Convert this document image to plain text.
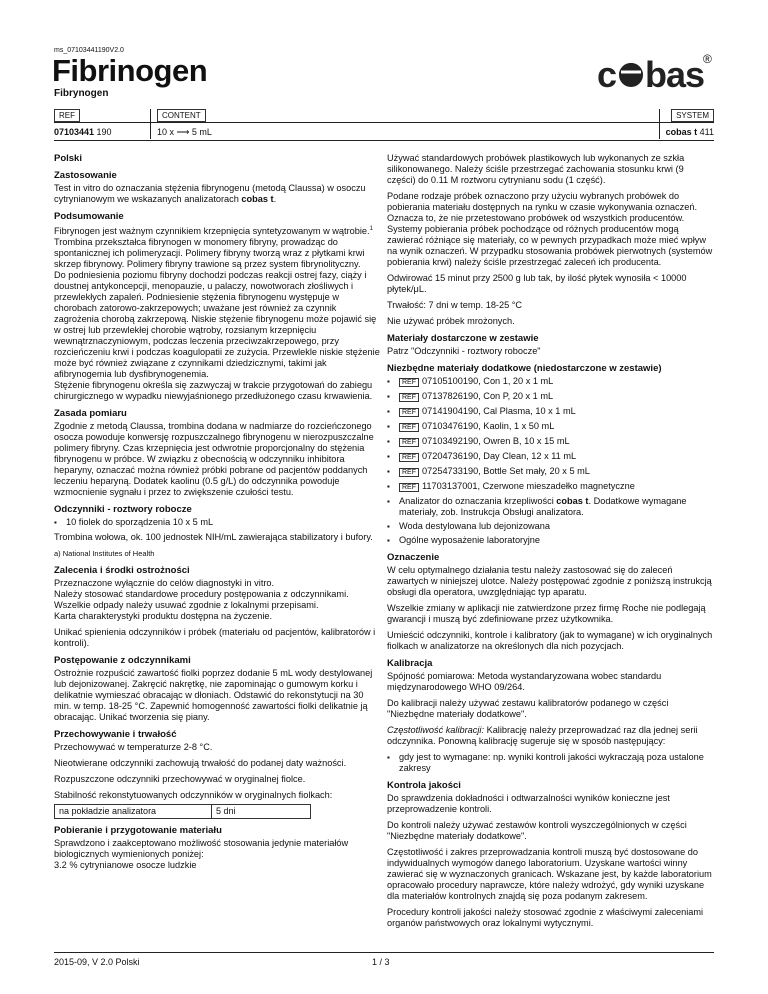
ms_07103441190V2.0
Fibrinogen
Fibrynogen	c bas
®
REF	CONTENT	SYSTEM
07103441 190	10 x ⟶ 5 mL	cobas t 411
Polski
Zastosowanie

Test in vitro do oznaczania stężenia fibrynogenu (metodą Claussa) w osoczu cytrynianowym we wskazanych analizatorach cobas t.

Podsumowanie

Fibrynogen jest ważnym czynnikiem krzepnięcia syntetyzowanym w wątrobie.$^1$

Trombina przekształca fibrynogen w monomery fibryny, prowadząc do spontanicznej ich polimeryzacji. Polimery fibryny tworzą wraz z płytkami krwi skrzep fibrynowy. Polimery fibryny trawione są przez system fibrynolityczny.

Do podniesienia poziomu fibryny dochodzi podczas reakcji ostrej fazy, ciąży i doustnej antykoncepcji, menopauzie, u palaczy, nowotworach złośliwych i przewlekłych zapaleń. Podniesienie stężenia fibrynogenu występuje w chorobach zatorowo-zakrzepowych; uważane jest również za czynnik zagrożenia chorobą zakrzepową. Niskie stężenie fibrynogenu może pojawić się w ostrej lub przewlekłej chorobie wątroby, rozsianym krzepnięciu wewnątrznaczyniowym, podczas leczenia przeciwzakrzepowego, przy rozcieńczeniu krwi i podczas koagulopatii ze zużycia. Przewlekle niskie stężenie może być również związane z czynnikami dziedzicznymi, takimi jak afibrynogemia lub dysfibrynogenemia.

Stężenie fibrynogenu określa się zazwyczaj w trakcie przygotowań do zabiegu chirurgicznego w wypadku niewyjaśnionego przedłużonego czasu krwawienia.

Zasada pomiaru

Zgodnie z metodą Claussa, trombina dodana w nadmiarze do rozcieńczonego osocza powoduje konwersję rozpuszczalnego fibrynogenu w nierozpuszczalne polimery fibryny. Czas krzepnięcia jest odwrotnie proporcjonalny do stężenia fibrynogenu w próbce. W związku z obecnością w odczynniku inhibitora heparyny, oznaczać można również próbki pobrane od pacjentów poddanych leczeniu heparyną. Dodatek kaolinu (0.5 g/L) do odczynnika powoduje wzmocnienie sygnału i przez to zwiększenie czułości testu.

Odczynniki - roztwory robocze
▪ 10 fiolek do sporządzenia 10 x 5 mL

Trombina wołowa, ok. 100 jednostek NIH/mL zawierająca stabilizatory i bufory.

a) National Institutes of Health

Zalecenia i środki ostrożności

Przeznaczone wyłącznie do celów diagnostyki in vitro.

Należy stosować standardowe procedury postępowania z odczynnikami.

Wszelkie odpady należy usuwać zgodnie z lokalnymi przepisami.

Karta charakterystyki produktu dostępna na życzenie.

Unikać spienienia odczynników i próbek (materiału od pacjentów, kalibratorów i kontroli).

Postępowanie z odczynnikami

Ostrożnie rozpuścić zawartość fiolki poprzez dodanie 5 mL wody destylowanej lub dejonizowanej. Zakręcić nakrętkę, nie zapominając o gumowym korku i delikatnie wymieszać obracając w dłoniach. Odstawić do rekonstytucji na 30 min. w temp. 18-25 °C. Zapewnić homogenność zawartości fiolki delikatnie ją obracając. Unikać tworzenia się piany.

Przechowywanie i trwałość

Przechowywać w temperaturze 2-8 °C.

Nieotwierane odczynniki zachowują trwałość do podanej daty ważności.

Rozpuszczone odczynniki przechowywać w oryginalnej fiolce.

Stabilność rekonstytuowanych odczynników w oryginalnych fiolkach:

na pokładzie analizatora	5 dni
Pobieranie i przygotowanie materiału

Sprawdzono i zaakceptowano możliwość stosowania jedynie materiałów biologicznych wymienionych poniżej:

3.2 % cytrynianowe osocze ludzkie

Używać standardowych probówek plastikowych lub wykonanych ze szkła silikonowanego. Należy ściśle przestrzegać zachowania stosunku krwi (9 części) do 0.11 M roztworu cytrynianu sodu (1 część).

Podane rodzaje próbek oznaczono przy użyciu wybranych probówek do pobierania materiału dostępnych na rynku w czasie wykonywania oznaczeń. Oznacza to, że nie przetestowano probówek od wszystkich producentów. Systemy pobierania próbek pochodzące od różnych producentów mogą zawierać różniące się materiały, co w pewnych przypadkach może mieć wpływ na wynik oznaczeń. W przypadku stosowania probówek pierwotnych (systemów pobierania krwi) należy ściśle przestrzegać zaleceń ich producenta.

Odwirować 15 minut przy 2500 g lub tak, by ilość płytek wynosiła < 10000 płytek/μL.

Trwałość: 7 dni w temp. 18-25 °C

Nie używać próbek mrożonych.

Materiały dostarczone w zestawie

Patrz "Odczynniki - roztwory robocze"

Niezbędne materiały dodatkowe (niedostarczone w zestawie)
▪ REF 07105100190, Con 1, 20 x 1 mL
▪ REF 07137826190, Con P, 20 x 1 mL
▪ REF 07141904190, Cal Plasma, 10 x 1 mL
▪ REF 07103476190, Kaolin, 1 x 50 mL
▪ REF 07103492190, Owren B, 10 x 15 mL
▪ REF 07204736190, Day Clean, 12 x 11 mL
▪ REF 07254733190, Bottle Set mały, 20 x 5 mL
▪ REF 11703137001, Czerwone mieszadełko magnetyczne
▪ Analizator do oznaczania krzepliwości cobas t. Dodatkowe wymagane materiały, zob. Instrukcja Obsługi analizatora.
▪ Woda destylowana lub dejonizowana
▪ Ogólne wyposażenie laboratoryjne
Oznaczenie

W celu optymalnego działania testu należy zastosować się do zaleceń zawartych w niniejszej ulotce. Należy postępować zgodnie z poniższą instrukcją obsługi dla operatora, uwzględniając typ aparatu.

Wszelkie zmiany w aplikacji nie zatwierdzone przez firmę Roche nie podlegają gwarancji i muszą być zdefiniowane przez użytkownika.

Umieścić odczynniki, kontrole i kalibratory (jak to wymagane) w ich oryginalnych fiolkach w analizatorze na określonych dla nich pozycjach.

Kalibracja

Spójność pomiarowa: Metoda wystandaryzowana wobec standardu międzynarodowego WHO 09/264.

Do kalibracji należy używać zestawu kalibratorów podanego w części "Niezbędne materiały dodatkowe".

Częstotliwość kalibracji: Kalibrację należy przeprowadzać raz dla jednej serii odczynnika. Ponowną kalibrację sugeruje się w sposób następujący:

▪ gdy jest to wymagane: np. wyniki kontroli jakości wykraczają poza ustalone zakresy
Kontrola jakości

Do sprawdzenia dokładności i odtwarzalności wyników konieczne jest przeprowadzenie kontroli.

Do kontroli należy używać zestawów kontroli wyszczególnionych w części "Niezbędne materiały dodatkowe".

Częstotliwość i zakres przeprowadzania kontroli muszą być dostosowane do indywidualnych wymogów danego laboratorium. Uzyskane wartości winny zawierać się w wyznaczonych granicach. Wskazane jest, by każde laboratorium opracowało procedury naprawcze, które należy wdrożyć, gdy wyniki uzyskane dla materiałów kontrolnych znajdą się poza podanym zakresem.

Procedury kontroli jakości należy stosować zgodnie z właściwymi zaleceniami organów państwowych oraz lokalnymi wytycznymi.

2015-09, V 2.0 Polski	1 / 3
